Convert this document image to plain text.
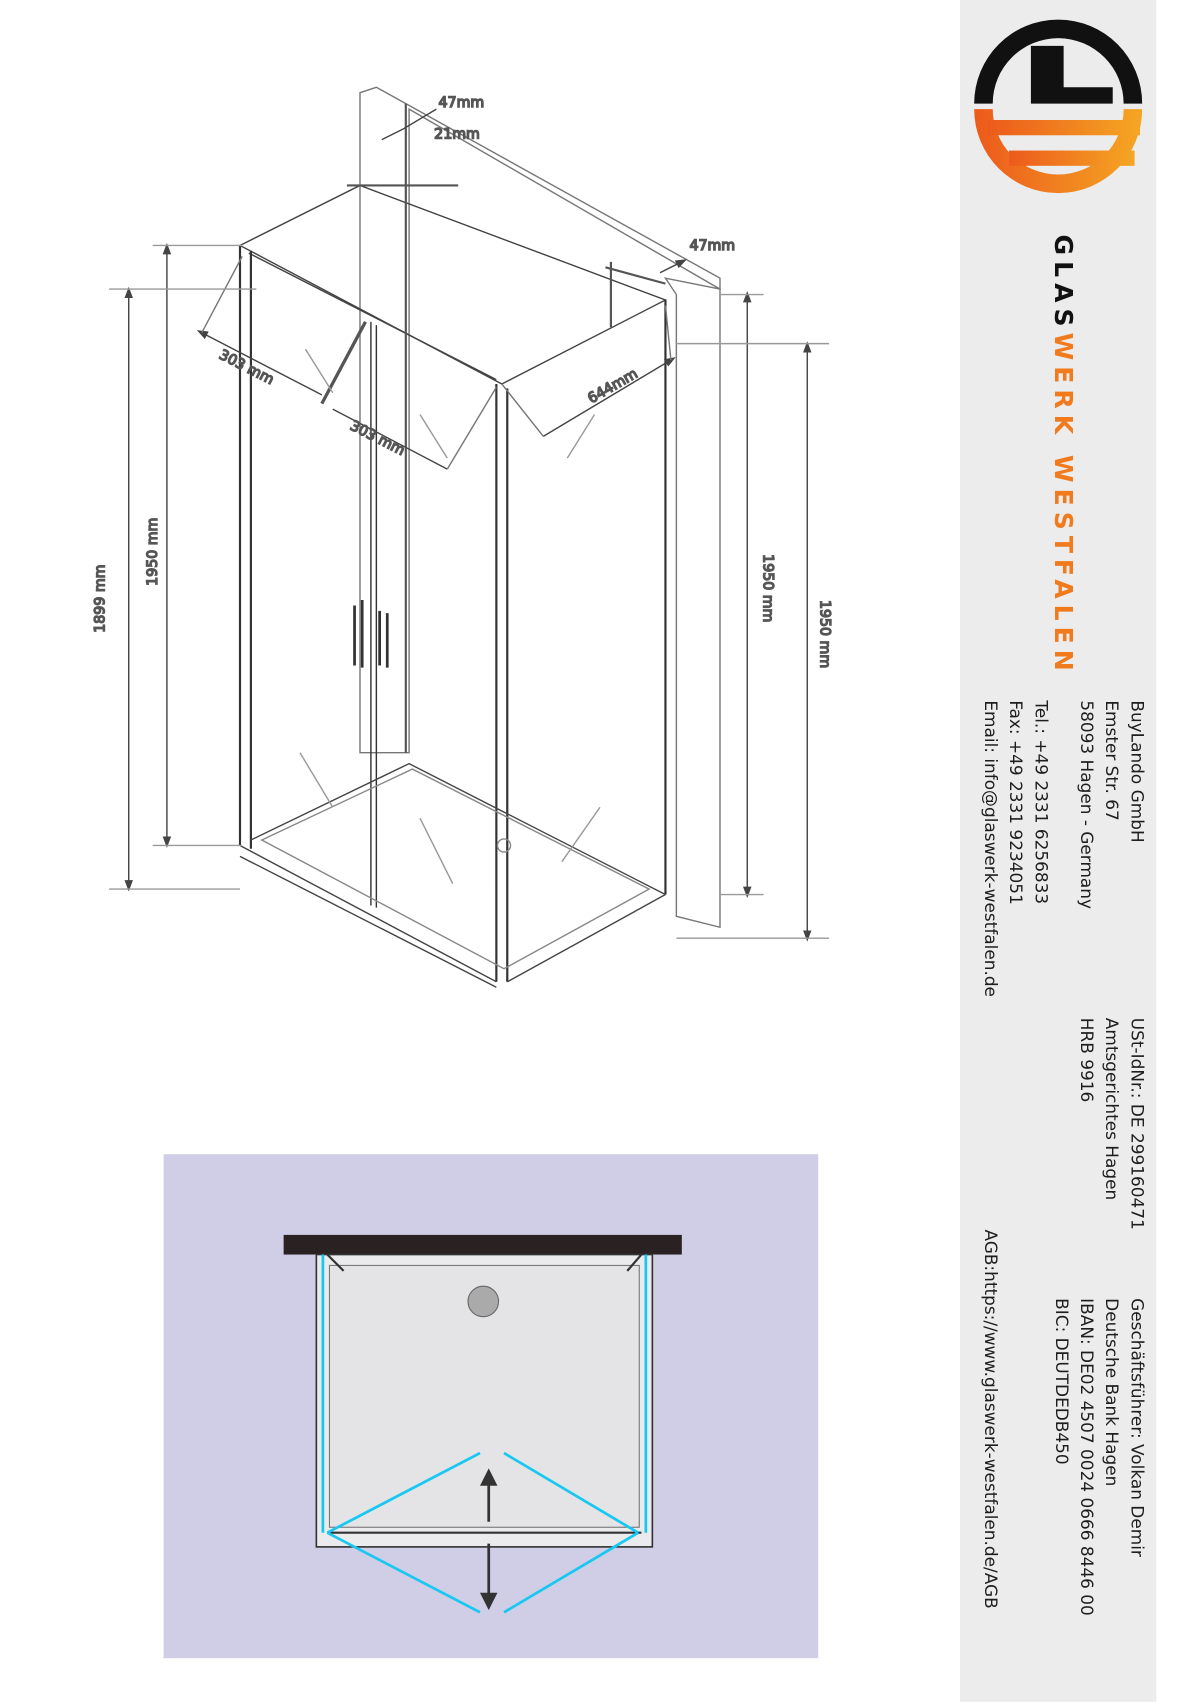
GLASWERK WESTFALEN
BuyLando GmbH
Emster Str. 67
58093 Hagen - Germany
Tel.: +49 2331 6256833
Fax: +49 2331 9234051
Email: info@glaswerk-westfalen.de
USt-IdNr.: DE 299160471
Amtsgerichtes Hagen
HRB 9916
Geschäftsführer: Volkan Demir
Deutsche Bank Hagen
IBAN: DE02 4507 0024 0666 8446 00
BIC: DEUTDEDB450
AGB:https://www.glaswerk-westfalen.de/AGB
47mm
21mm
47mm
303 mm
303 mm
644mm
1899 mm
1950 mm
1950 mm
1950 mm
